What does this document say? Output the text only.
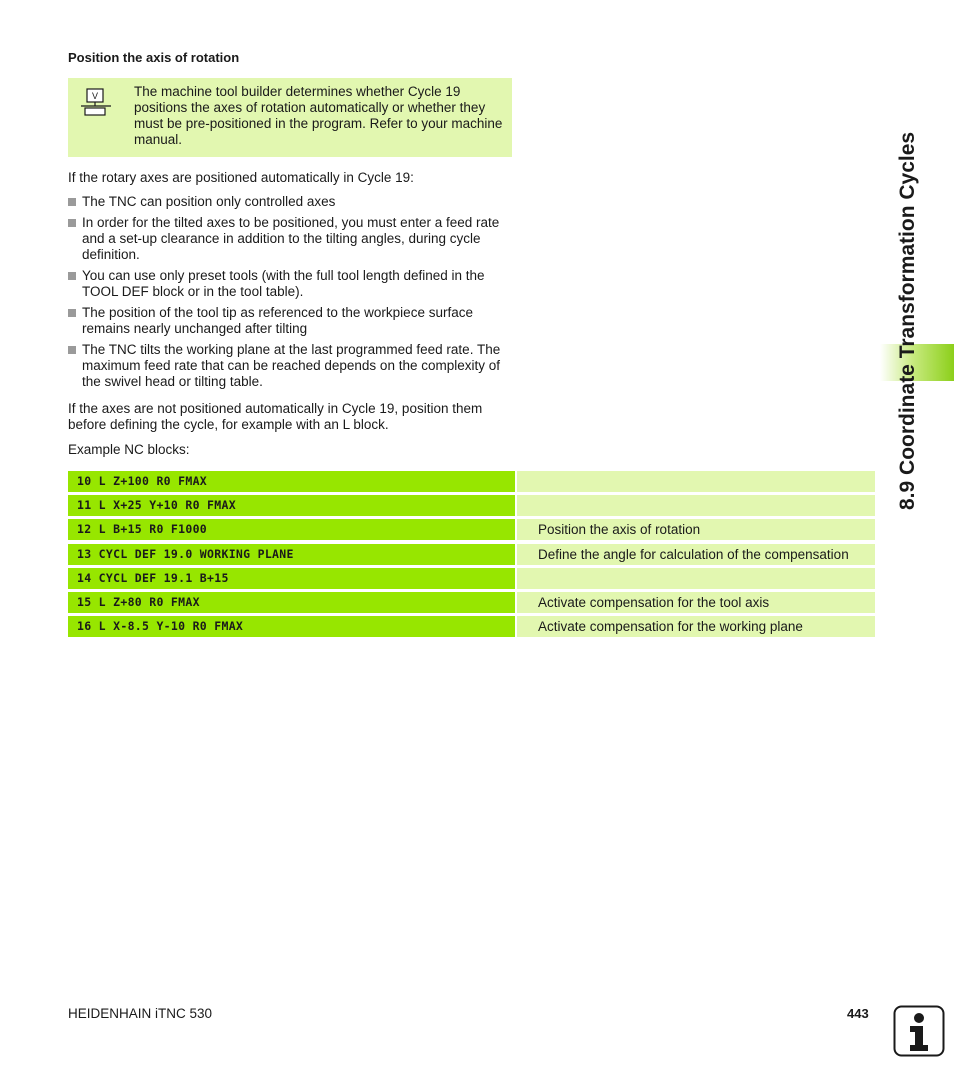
Position the axis of rotation
V	The machine tool builder determines whether Cycle 19 positions the axes of rotation automatically or whether they must be pre-positioned in the program. Refer to your machine manual.
If the rotary axes are positioned automatically in Cycle 19:
The TNC can position only controlled axes
In order for the tilted axes to be positioned, you must enter a feed rate and a set-up clearance in addition to the tilting angles, during cycle definition.
You can use only preset tools (with the full tool length defined in the TOOL DEF block or in the tool table).
The position of the tool tip as referenced to the workpiece surface remains nearly unchanged after tilting
The TNC tilts the working plane at the last programmed feed rate. The maximum feed rate that can be reached depends on the complexity of the swivel head or tilting table.
If the axes are not positioned automatically in Cycle 19, position them before defining the cycle, for example with an L block.
Example NC blocks:
10 L Z+100 R0 FMAX
11 L X+25 Y+10 R0 FMAX
12 L B+15 R0 F1000	Position the axis of rotation
13 CYCL DEF 19.0 WORKING PLANE	Define the angle for calculation of the compensation
14 CYCL DEF 19.1 B+15
15 L Z+80 R0 FMAX	Activate compensation for the tool axis
16 L X-8.5 Y-10 R0 FMAX	Activate compensation for the working plane
8.9 Coordinate Transformation Cycles
HEIDENHAIN iTNC 530	443
